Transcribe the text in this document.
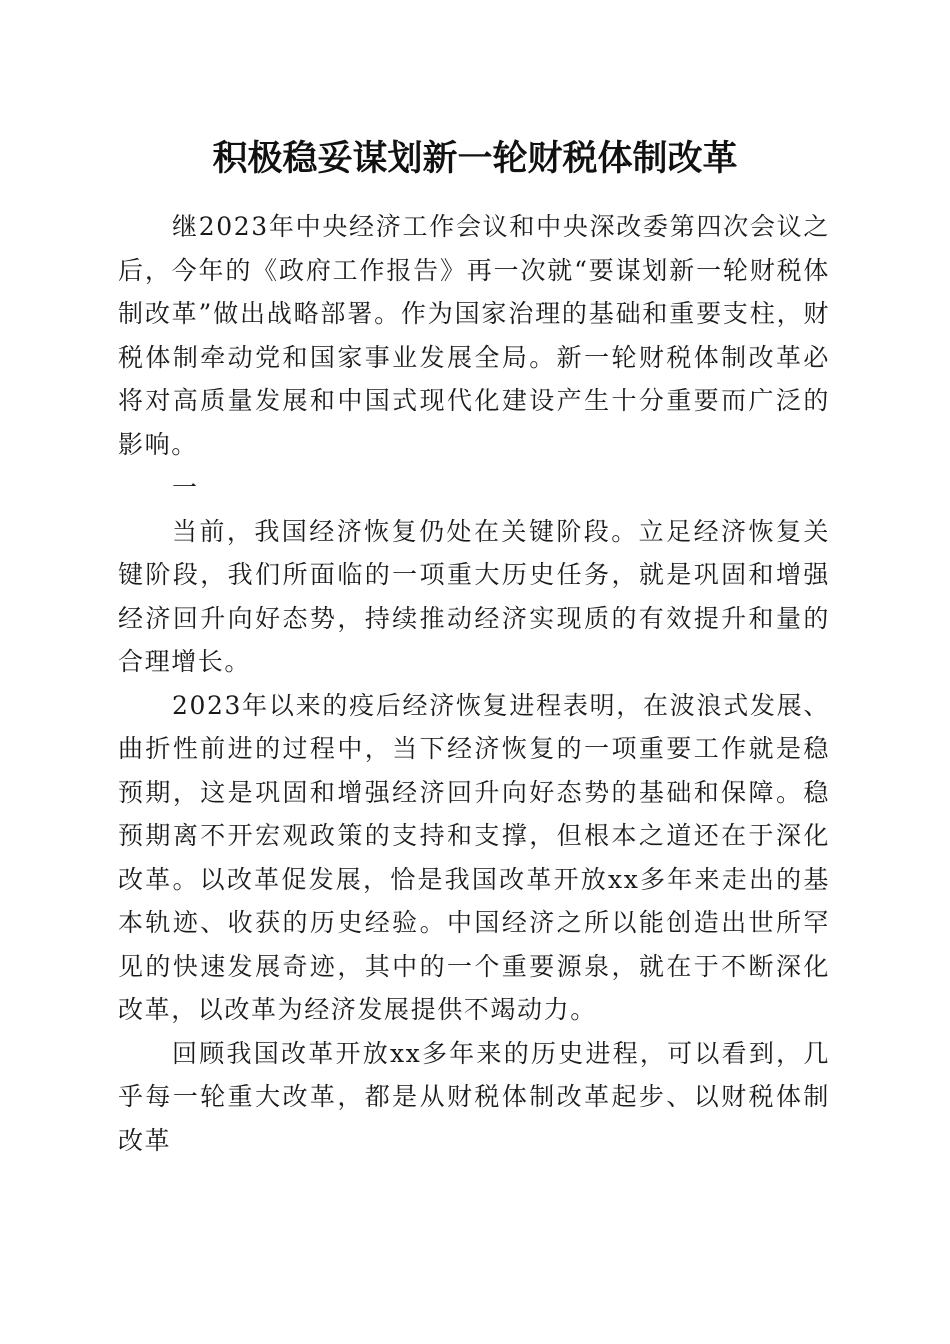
积极稳妥谋划新一轮财税体制改革

继2023年中央经济工作会议和中央深改委第四次会议之后，今年的《政府工作报告》再一次就“要谋划新一轮财税体制改革”做出战略部署。作为国家治理的基础和重要支柱，财税体制牵动党和国家事业发展全局。新一轮财税体制改革必将对高质量发展和中国式现代化建设产生十分重要而广泛的影响。

一

当前，我国经济恢复仍处在关键阶段。立足经济恢复关键阶段，我们所面临的一项重大历史任务，就是巩固和增强经济回升向好态势，持续推动经济实现质的有效提升和量的合理增长。

2023年以来的疫后经济恢复进程表明，在波浪式发展、曲折性前进的过程中，当下经济恢复的一项重要工作就是稳预期，这是巩固和增强经济回升向好态势的基础和保障。稳预期离不开宏观政策的支持和支撑，但根本之道还在于深化改革。以改革促发展，恰是我国改革开放xx多年来走出的基本轨迹、收获的历史经验。中国经济之所以能创造出世所罕见的快速发展奇迹，其中的一个重要源泉，就在于不断深化改革，以改革为经济发展提供不竭动力。

回顾我国改革开放xx多年来的历史进程，可以看到，几乎每一轮重大改革，都是从财税体制改革起步、以财税体制改革
